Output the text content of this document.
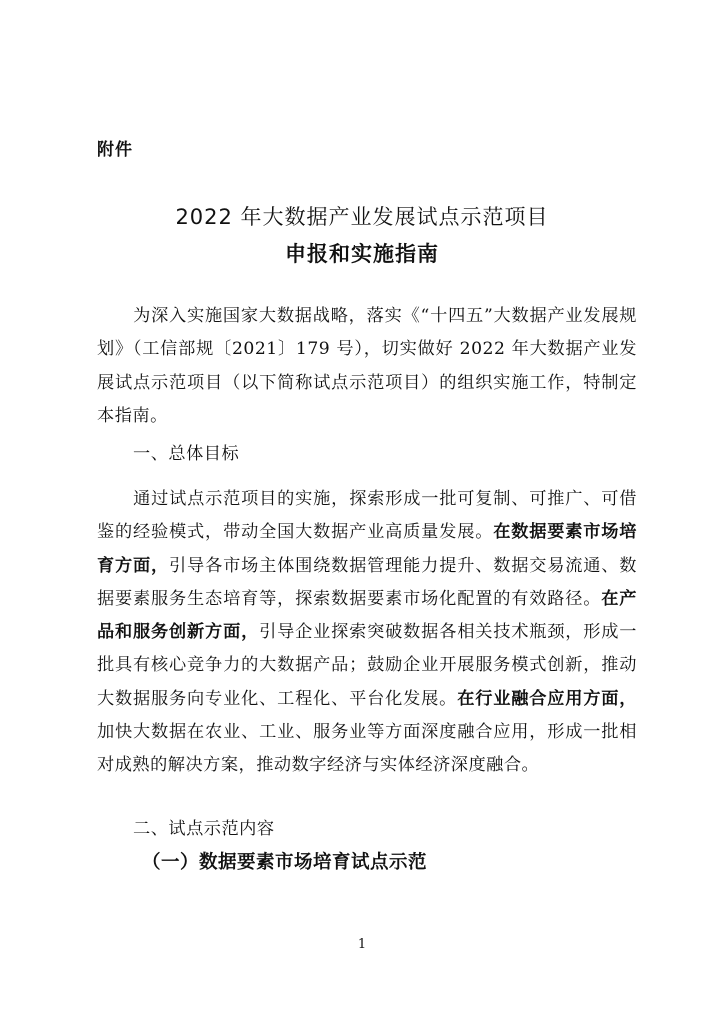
附件
2022 年大数据产业发展试点示范项目
申报和实施指南

为深入实施国家大数据战略，落实《“十四五”大数据产业发展规划》（工信部规〔2021〕179 号），切实做好 2022 年大数据产业发展试点示范项目（以下简称试点示范项目）的组织实施工作，特制定本指南。

一、总体目标

通过试点示范项目的实施，探索形成一批可复制、可推广、可借鉴的经验模式，带动全国大数据产业高质量发展。在数据要素市场培育方面，引导各市场主体围绕数据管理能力提升、数据交易流通、数据要素服务生态培育等，探索数据要素市场化配置的有效路径。在产品和服务创新方面，引导企业探索突破数据各相关技术瓶颈，形成一批具有核心竞争力的大数据产品；鼓励企业开展服务模式创新，推动大数据服务向专业化、工程化、平台化发展。在行业融合应用方面，加快大数据在农业、工业、服务业等方面深度融合应用，形成一批相对成熟的解决方案，推动数字经济与实体经济深度融合。

二、试点示范内容
（一）数据要素市场培育试点示范
1
